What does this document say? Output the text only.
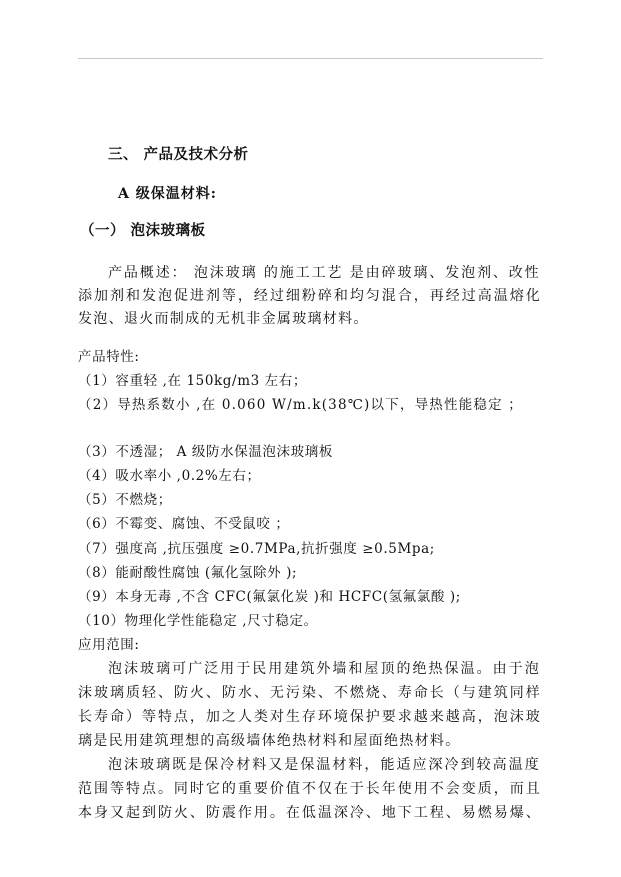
三、 产品及技术分析
A 级保温材料:
（一） 泡沫玻璃板
产品概述： 泡沫玻璃 的施工工艺 是由碎玻璃、发泡剂、改性
添加剂和发泡促进剂等，经过细粉碎和均匀混合，再经过高温熔化
发泡、退火而制成的无机非金属玻璃材料。
产品特性:
（1）容重轻 ,在 150kg/m3 左右；
（2）导热系数小 ,在 0.060 W/m.k(38℃)以下，导热性能稳定 ；
（3）不透湿； A 级防水保温泡沫玻璃板
（4）吸水率小 ,0.2%左右；
（5）不燃烧；
（6）不霉变、腐蚀、不受鼠咬 ；
（7）强度高 ,抗压强度 ≥0.7MPa,抗折强度 ≥0.5Mpa;
（8）能耐酸性腐蚀 (氟化氢除外 );
（9）本身无毒 ,不含 CFC(氟氯化炭 )和 HCFC(氢氟氯酸 );
（10）物理化学性能稳定 ,尺寸稳定。
应用范围:
泡沫玻璃可广泛用于民用建筑外墙和屋顶的绝热保温。由于泡
沫玻璃质轻、防火、防水、无污染、不燃烧、寿命长（与建筑同样
长寿命）等特点，加之人类对生存环境保护要求越来越高，泡沫玻
璃是民用建筑理想的高级墙体绝热材料和屋面绝热材料。
泡沫玻璃既是保冷材料又是保温材料，能适应深冷到较高温度
范围等特点。同时它的重要价值不仅在于长年使用不会变质，而且
本身又起到防火、防震作用。在低温深冷、地下工程、易燃易爆、
